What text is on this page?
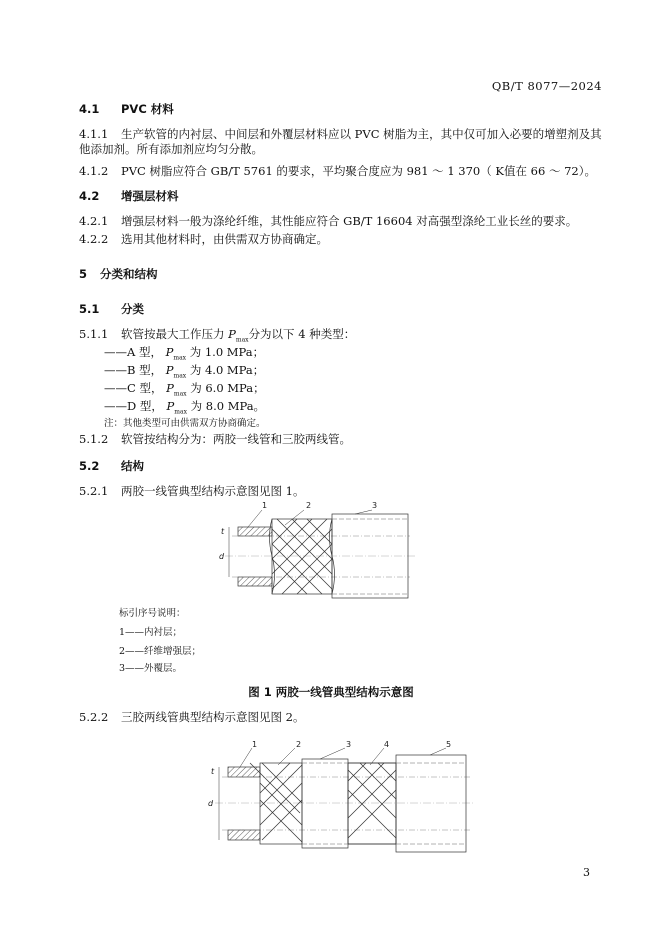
QB/T 8077—2024
4.1 PVC 材料
4.1.1 生产软管的内衬层、中间层和外覆层材料应以 PVC 树脂为主，其中仅可加入必要的增塑剂及其他添加剂。所有添加剂应均匀分散。
4.1.2 PVC 树脂应符合 GB/T 5761 的要求，平均聚合度应为 981 ～ 1 370（ K值在 66 ～ 72）。
4.2 增强层材料
4.2.1 增强层材料一般为涤纶纤维，其性能应符合 GB/T 16604 对高强型涤纶工业长丝的要求。
4.2.2 选用其他材料时，由供需双方协商确定。
5 分类和结构
5.1 分类
5.1.1 软管按最大工作压力 $P_{max}$分为以下 4 种类型：
——A 型， $P_{max}$ 为 1.0 MPa；
——B 型， $P_{max}$ 为 4.0 MPa；
——C 型， $P_{max}$ 为 6.0 MPa；
——D 型， $P_{max}$ 为 8.0 MPa。
注：其他类型可由供需双方协商确定。
5.1.2 软管按结构分为：两胶一线管和三胶两线管。
5.2 结构
5.2.1 两胶一线管典型结构示意图见图 1。
1	2	3
t
d
1	2	3	4	5
t
d
标引序号说明：
1——内衬层；
2——纤维增强层；
3——外覆层。
图 1 两胶一线管典型结构示意图
5.2.2 三胶两线管典型结构示意图见图 2。
3
